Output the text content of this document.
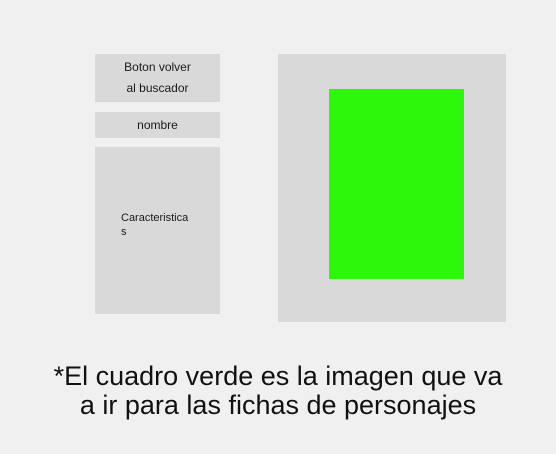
Boton volver
al buscador
nombre
Caracteristicas
*El cuadro verde es la imagen que va
a ir para las fichas de personajes
